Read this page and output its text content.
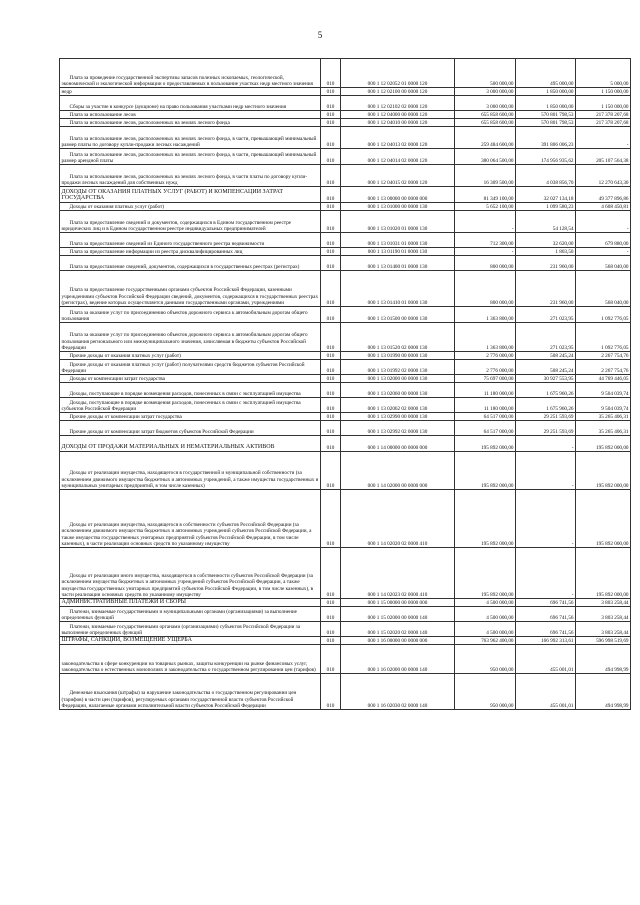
5
Плата за проведение государственной экспертизы запасов полезных ископаемых, геологической, экономической и экологической информации о предоставляемых в пользование участках недр местного значения	010	000 1 12 02052 01 0000 120	500 000,00	495 000,00	5 000,00
недр	010	000 1 12 02100 00 0000 120	3 000 000,00	1 850 000,00	1 150 000,00
Сборы за участие в конкурсе (аукционе) на право пользования участками недр местного значения	010	000 1 12 02102 02 0000 120	3 000 000,00	1 850 000,00	1 150 000,00
Плата за использование лесов	010	000 1 12 04000 00 0000 120	655 858 600,00	570 801 798,53	217 378 207,68
Плата за использование лесов, расположенных на землях лесного фонда	010	000 1 12 04010 00 0000 120	655 858 600,00	570 801 798,53	217 378 207,68
Плата за использование лесов, расположенных на землях лесного фонда, в части, превышающей минимальный размер платы по договору купли-продажи лесных насаждений	010	000 1 12 04013 02 0000 120	259 484 600,00	391 806 006,23	-
Плата за использование лесов, расположенных на землях лесного фонда, в части, превышающей минимальный размер арендной платы	010	000 1 12 04014 02 0000 120	380 064 500,00	174 956 935,62	205 107 564,38
Плата за использование лесов, расположенных на землях лесного фонда, в части платы по договору купли-продажи лесных насаждений для собственных нужд	010	000 1 12 04015 02 0000 120	16 309 500,00	4 038 856,70	12 270 643,30
ДОХОДЫ ОТ ОКАЗАНИЯ ПЛАТНЫХ УСЛУГ (РАБОТ) И КОМПЕНСАЦИИ ЗАТРАТ ГОСУДАРСТВА	010	000 1 13 00000 00 0000 000	81 349 100,00	32 027 134,18	49 377 896,86
Доходы от оказания платных услуг (работ)	010	000 1 13 01000 00 0000 130	5 652 100,00	1 099 580,23	4 608 450,81
Плата за предоставление сведений и документов, содержащихся в Едином государственном реестре юридических лиц и в Едином государственном реестре индивидуальных предпринимателей	010	000 1 13 01020 01 0000 130	-	54 128,54	-
Плата за предоставление сведений из Единого государственного реестра недвижимости	010	000 1 13 01031 01 0000 130	712 300,00	32 620,00	679 880,00
Плата за предоставление информации из реестра дисквалифицированных лиц	010	000 1 13 01190 01 0000 130	-	1 803,50	-
Плата за предоставление сведений, документов, содержащихся в государственных реестрах (регистрах)	010	000 1 13 01400 01 0000 130	800 000,00	231 960,00	568 040,00
Плата за предоставление государственными органами субъектов Российской Федерации, казенными учреждениями субъектов Российской Федерации сведений, документов, содержащихся в государственных реестрах (регистрах), ведение которых осуществляется данными государственными органами, учреждениями	010	000 1 13 01410 01 0000 130	800 000,00	231 960,00	568 040,00
Плата за оказание услуг по присоединению объектов дорожного сервиса к автомобильным дорогам общего пользования	010	000 1 13 01500 00 0000 130	1 363 800,00	271 023,95	1 092 776,05
Плата за оказание услуг по присоединению объектов дорожного сервиса к автомобильным дорогам общего пользования регионального или межмуниципального значения, зачисляемая в бюджеты субъектов Российской Федерации	010	000 1 13 01520 02 0000 130	1 363 800,00	271 023,95	1 092 776,05
Прочие доходы от оказания платных услуг (работ)	010	000 1 13 01990 00 0000 130	2 776 000,00	508 245,24	2 267 754,76
Прочие доходы от оказания платных услуг (работ) получателями средств бюджетов субъектов Российской Федерации	010	000 1 13 01992 02 0000 130	2 776 000,00	508 245,24	2 267 754,76
Доходы от компенсации затрат государства	010	000 1 13 02000 00 0000 130	75 697 000,00	30 927 553,95	44 769 446,05
Доходы, поступающие в порядке возмещения расходов, понесенных в связи с эксплуатацией имущества	010	000 1 13 02060 00 0000 130	11 180 000,00	1 675 960,26	9 504 039,74
Доходы, поступающие в порядке возмещения расходов, понесенных в связи с эксплуатацией имущества субъектов Российской Федерации	010	000 1 13 02062 02 0000 130	11 180 000,00	1 675 960,26	9 504 039,74
Прочие доходы от компенсации затрат государства	010	000 1 13 02990 00 0000 130	64 517 000,00	29 251 593,69	35 265 406,31
Прочие доходы от компенсации затрат бюджетов субъектов Российской Федерации	010	000 1 13 02992 02 0000 130	64 517 000,00	29 251 593,69	35 265 406,31
ДОХОДЫ ОТ ПРОДАЖИ МАТЕРИАЛЬНЫХ И НЕМАТЕРИАЛЬНЫХ АКТИВОВ	010	000 1 14 00000 00 0000 000	195 892 000,00	-	195 892 000,00
Доходы от реализации имущества, находящегося в государственной и муниципальной собственности (за исключением движимого имущества бюджетных и автономных учреждений, а также имущества государственных и муниципальных унитарных предприятий, в том числе казенных)	010	000 1 14 02000 00 0000 000	195 892 000,00	-	195 892 000,00
Доходы от реализации имущества, находящегося в собственности субъектов Российской Федерации (за исключением движимого имущества бюджетных и автономных учреждений субъектов Российской Федерации, а также имущества государственных унитарных предприятий субъектов Российской Федерации, в том числе казенных), в части реализации основных средств по указанному имуществу	010	000 1 14 02020 02 0000 410	195 892 000,00	-	195 892 000,00
Доходы от реализации иного имущества, находящегося в собственности субъектов Российской Федерации (за исключением имущества бюджетных и автономных учреждений субъектов Российской Федерации, а также имущества государственных унитарных предприятий субъектов Российской Федерации, в том числе казенных), в части реализации основных средств по указанному имуществу	010	000 1 14 02023 02 0000 410	195 892 000,00	-	195 892 000,00
АДМИНИСТРАТИВНЫЕ ПЛАТЕЖИ И СБОРЫ	010	000 1 15 00000 00 0000 000	4 500 000,00	696 741,56	3 803 258,44
Платежи, взимаемые государственными и муниципальными органами (организациями) за выполнение определенных функций	010	000 1 15 02000 00 0000 140	4 500 000,00	696 741,56	3 803 258,44
Платежи, взимаемые государственными органами (организациями) субъектов Российской Федерации за выполнение определенных функций	010	000 1 15 02020 02 0000 140	4 500 000,00	696 741,56	3 803 258,44
ШТРАФЫ, САНКЦИИ, ВОЗМЕЩЕНИЕ УЩЕРБА	010	000 1 16 00000 00 0000 000	763 962 400,00	166 992 313,61	596 998 519,69
законодательства в сфере конкуренции на товарных рынках, защиты конкуренции на рынке финансовых услуг, законодательства о естественных монополиях и законодательства о государственном регулировании цен (тарифов)	010	000 1 16 02000 00 0000 140	950 000,00	455 001,01	494 998,99
Денежные взыскания (штрафы) за нарушение законодательства о государственном регулировании цен (тарифов) в части цен (тарифов), регулируемых органами государственной власти субъектов Российской Федерации, налагаемые органами исполнительной власти субъектов Российской Федерации	010	000 1 16 02030 02 0000 140	950 000,00	455 001,01	494 998,99
